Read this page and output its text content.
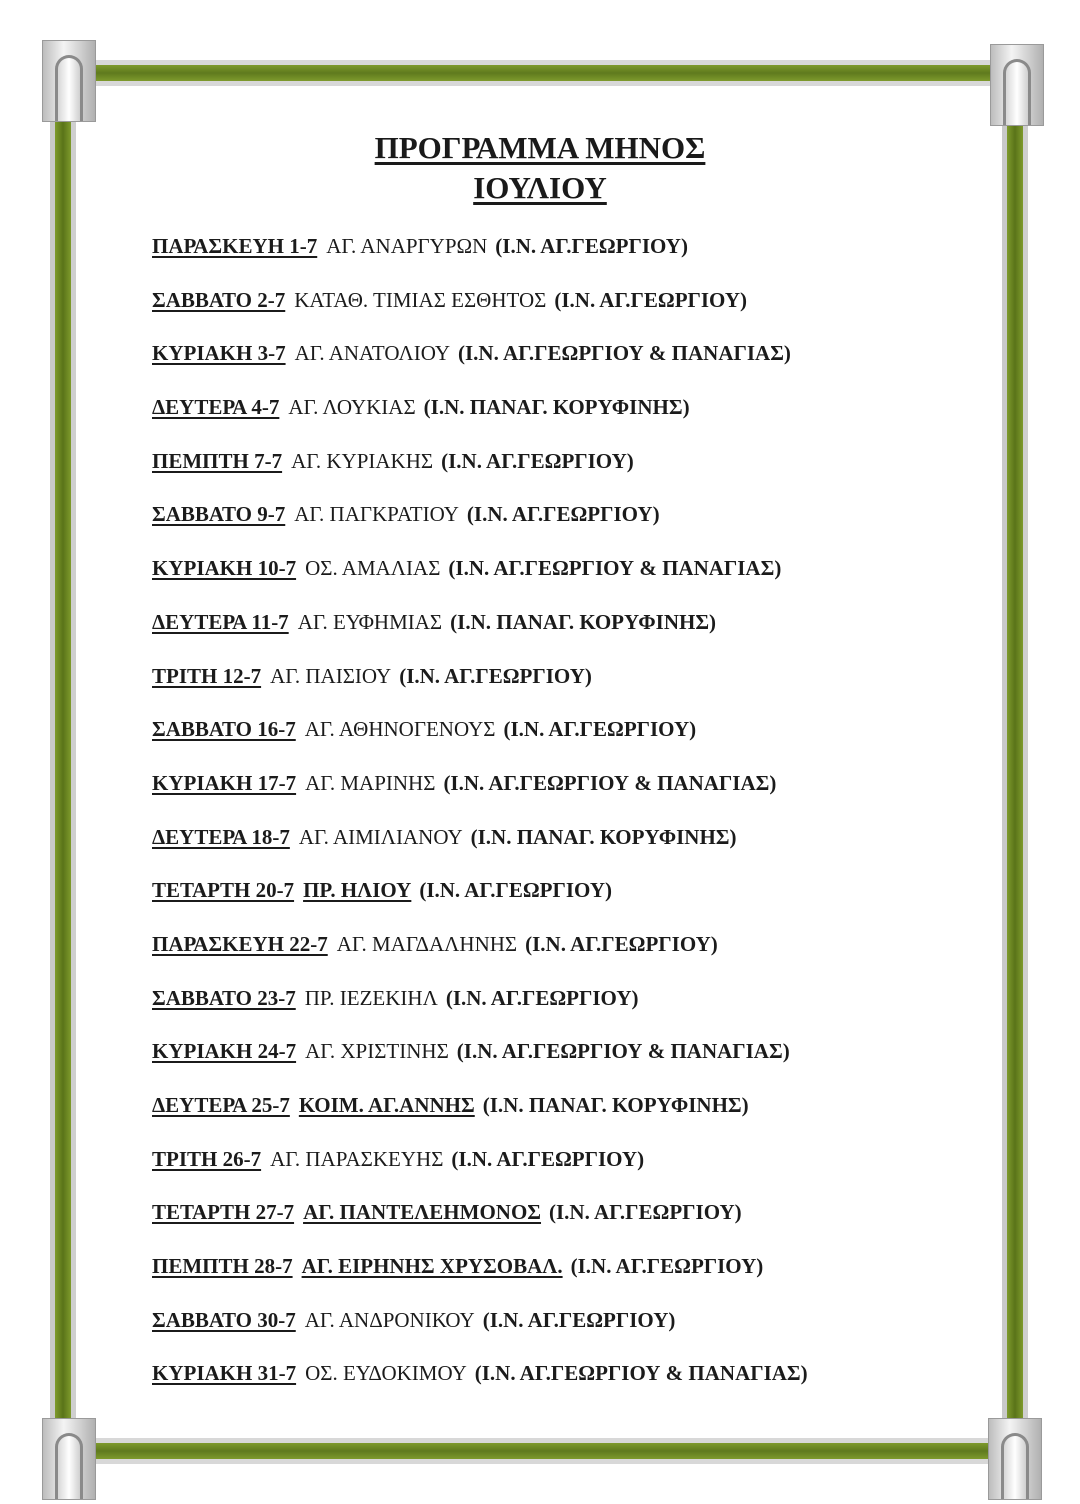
ΠΡΟΓΡΑΜΜΑ ΜΗΝΟΣ
ΙΟΥΛΙΟΥ
ΠΑΡΑΣΚΕΥΗ 1-7 ΑΓ. ΑΝΑΡΓΥΡΩΝ (Ι.Ν. ΑΓ.ΓΕΩΡΓΙΟΥ)
ΣΑΒΒΑΤΟ 2-7 ΚΑΤΑΘ. ΤΙΜΙΑΣ ΕΣΘΗΤΟΣ (Ι.Ν. ΑΓ.ΓΕΩΡΓΙΟΥ)
ΚΥΡΙΑΚΗ 3-7 ΑΓ. ΑΝΑΤΟΛΙΟΥ (Ι.Ν. ΑΓ.ΓΕΩΡΓΙΟΥ & ΠΑΝΑΓΙΑΣ)
ΔΕΥΤΕΡΑ 4-7 ΑΓ. ΛΟΥΚΙΑΣ (Ι.Ν. ΠΑΝΑΓ. ΚΟΡΥΦΙΝΗΣ)
ΠΕΜΠΤΗ 7-7 ΑΓ. ΚΥΡΙΑΚΗΣ (Ι.Ν. ΑΓ.ΓΕΩΡΓΙΟΥ)
ΣΑΒΒΑΤΟ 9-7 ΑΓ. ΠΑΓΚΡΑΤΙΟΥ (Ι.Ν. ΑΓ.ΓΕΩΡΓΙΟΥ)
ΚΥΡΙΑΚΗ 10-7 ΟΣ. ΑΜΑΛΙΑΣ (Ι.Ν. ΑΓ.ΓΕΩΡΓΙΟΥ & ΠΑΝΑΓΙΑΣ)
ΔΕΥΤΕΡΑ 11-7 ΑΓ. ΕΥΦΗΜΙΑΣ (Ι.Ν. ΠΑΝΑΓ. ΚΟΡΥΦΙΝΗΣ)
ΤΡΙΤΗ 12-7 ΑΓ. ΠΑΙΣΙΟΥ (Ι.Ν. ΑΓ.ΓΕΩΡΓΙΟΥ)
ΣΑΒΒΑΤΟ 16-7 ΑΓ. ΑΘΗΝΟΓΕΝΟΥΣ (Ι.Ν. ΑΓ.ΓΕΩΡΓΙΟΥ)
ΚΥΡΙΑΚΗ 17-7 ΑΓ. ΜΑΡΙΝΗΣ (Ι.Ν. ΑΓ.ΓΕΩΡΓΙΟΥ & ΠΑΝΑΓΙΑΣ)
ΔΕΥΤΕΡΑ 18-7 ΑΓ. ΑΙΜΙΛΙΑΝΟΥ (Ι.Ν. ΠΑΝΑΓ. ΚΟΡΥΦΙΝΗΣ)
ΤΕΤΑΡΤΗ 20-7 ΠΡ. ΗΛΙΟΥ (Ι.Ν. ΑΓ.ΓΕΩΡΓΙΟΥ)
ΠΑΡΑΣΚΕΥΗ 22-7 ΑΓ. ΜΑΓΔΑΛΗΝΗΣ (Ι.Ν. ΑΓ.ΓΕΩΡΓΙΟΥ)
ΣΑΒΒΑΤΟ 23-7 ΠΡ. ΙΕΖΕΚΙΗΛ (Ι.Ν. ΑΓ.ΓΕΩΡΓΙΟΥ)
ΚΥΡΙΑΚΗ 24-7 ΑΓ. ΧΡΙΣΤΙΝΗΣ (Ι.Ν. ΑΓ.ΓΕΩΡΓΙΟΥ & ΠΑΝΑΓΙΑΣ)
ΔΕΥΤΕΡΑ 25-7 ΚΟΙΜ. ΑΓ.ΑΝΝΗΣ (Ι.Ν. ΠΑΝΑΓ. ΚΟΡΥΦΙΝΗΣ)
ΤΡΙΤΗ 26-7 ΑΓ. ΠΑΡΑΣΚΕΥΗΣ (Ι.Ν. ΑΓ.ΓΕΩΡΓΙΟΥ)
ΤΕΤΑΡΤΗ 27-7 ΑΓ. ΠΑΝΤΕΛΕΗΜΟΝΟΣ (Ι.Ν. ΑΓ.ΓΕΩΡΓΙΟΥ)
ΠΕΜΠΤΗ 28-7 ΑΓ. ΕΙΡΗΝΗΣ ΧΡΥΣΟΒΑΛ. (Ι.Ν. ΑΓ.ΓΕΩΡΓΙΟΥ)
ΣΑΒΒΑΤΟ 30-7 ΑΓ. ΑΝΔΡΟΝΙΚΟΥ (Ι.Ν. ΑΓ.ΓΕΩΡΓΙΟΥ)
ΚΥΡΙΑΚΗ 31-7 ΟΣ. ΕΥΔΟΚΙΜΟΥ (Ι.Ν. ΑΓ.ΓΕΩΡΓΙΟΥ & ΠΑΝΑΓΙΑΣ)
